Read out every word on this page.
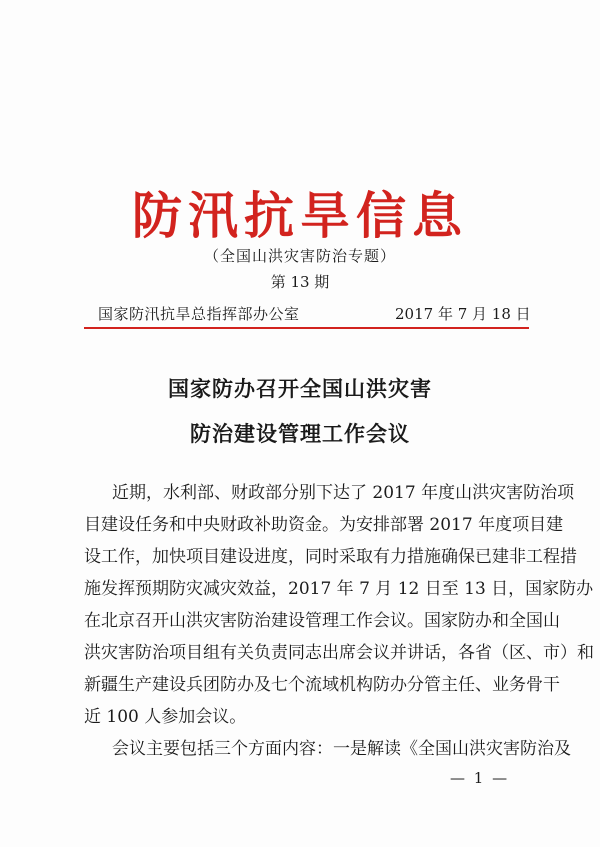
防汛抗旱信息
（全国山洪灾害防治专题）
第 13 期
国家防汛抗旱总指挥部办公室	2017 年 7 月 18 日
国家防办召开全国山洪灾害
防治建设管理工作会议
近期，水利部、财政部分别下达了 2017 年度山洪灾害防治项
目建设任务和中央财政补助资金。为安排部署 2017 年度项目建
设工作，加快项目建设进度，同时采取有力措施确保已建非工程措
施发挥预期防灾减灾效益，2017 年 7 月 12 日至 13 日，国家防办
在北京召开山洪灾害防治建设管理工作会议。国家防办和全国山
洪灾害防治项目组有关负责同志出席会议并讲话，各省（区、市）和
新疆生产建设兵团防办及七个流域机构防办分管主任、业务骨干
近 100 人参加会议。
会议主要包括三个方面内容：一是解读《全国山洪灾害防治及
— 1 —
